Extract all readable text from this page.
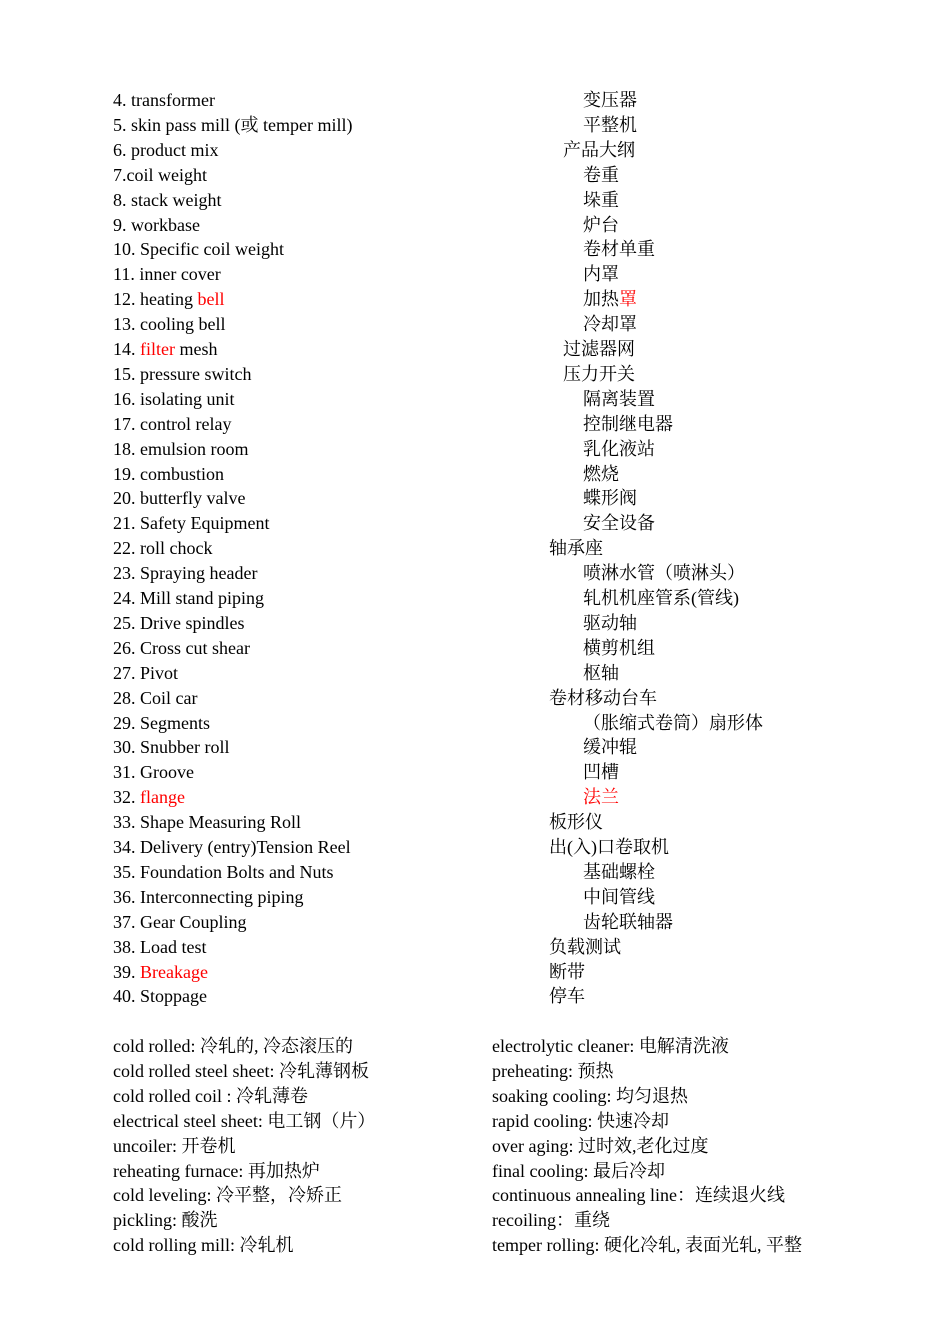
4. transformer	变压器
5. skin pass mill (或 temper mill)	平整机
6. product mix	产品大纲
7.coil weight	卷重
8. stack weight	垛重
9. workbase	炉台
10. Specific coil weight	卷材单重
11. inner cover	内罩
12. heating bell	加热罩
13. cooling bell	冷却罩
14. filter mesh	过滤器网
15. pressure switch	压力开关
16. isolating unit	隔离装置
17. control relay	控制继电器
18. emulsion room	乳化液站
19. combustion	燃烧
20. butterfly valve	蝶形阀
21. Safety Equipment	安全设备
22. roll chock	轴承座
23. Spraying header	喷淋水管（喷淋头）
24. Mill stand piping	轧机机座管系(管线)
25. Drive spindles	驱动轴
26. Cross cut shear	横剪机组
27. Pivot	枢轴
28. Coil car	卷材移动台车
29. Segments	（胀缩式卷筒）扇形体
30. Snubber roll	缓冲辊
31. Groove	凹槽
32. flange	法兰
33. Shape Measuring Roll	板形仪
34. Delivery (entry)Tension Reel	出(入)口卷取机
35. Foundation Bolts and Nuts	基础螺栓
36. Interconnecting piping	中间管线
37. Gear Coupling	齿轮联轴器
38. Load test	负载测试
39. Breakage	断带
40. Stoppage	停车
cold rolled: 冷轧的, 冷态滚压的
cold rolled steel sheet: 冷轧薄钢板
cold rolled coil : 冷轧薄卷
electrical steel sheet: 电工钢（片）
uncoiler: 开卷机
reheating furnace: 再加热炉
cold leveling: 冷平整，冷矫正
pickling: 酸洗
cold rolling mill: 冷轧机
electrolytic cleaner: 电解清洗液
preheating: 预热
soaking cooling: 均匀退热
rapid cooling: 快速冷却
over aging: 过时效,老化过度
final cooling: 最后冷却
continuous annealing line：连续退火线
recoiling：重绕
temper rolling: 硬化冷轧, 表面光轧, 平整
